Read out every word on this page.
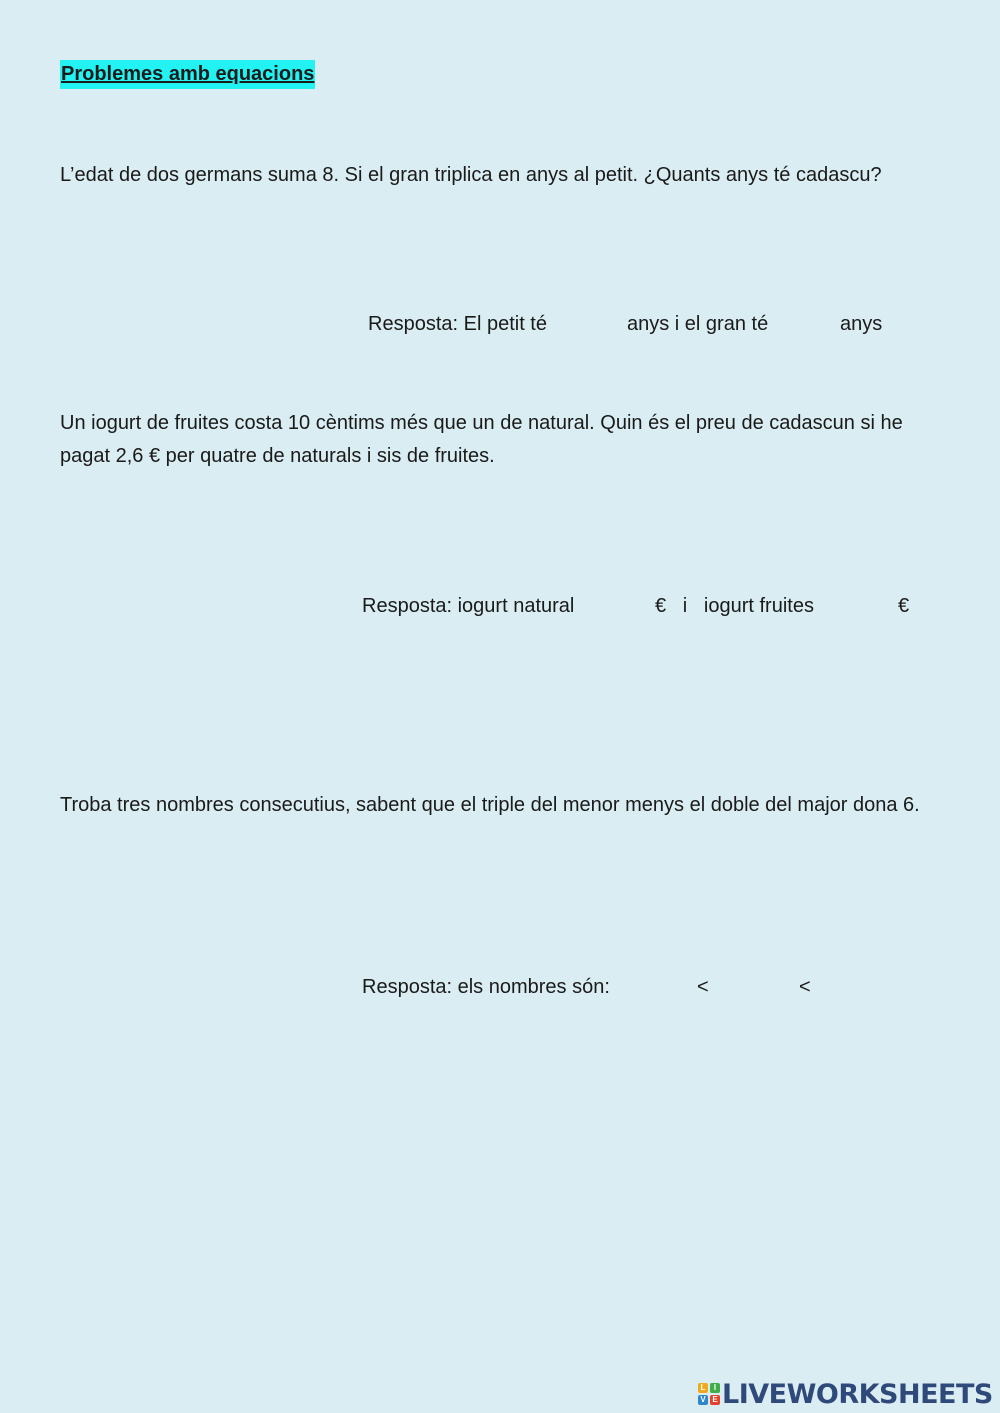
Problemes amb equacions
L’edat de dos germans suma 8. Si el gran triplica en anys al petit. ¿Quants anys té cadascu?
Resposta: El petit té	anys i el gran té	anys
Un iogurt de fruites costa 10 cèntims més que un de natural. Quin és el preu de cadascun si he pagat 2,6 € per quatre de naturals i sis de fruites.
Resposta: iogurt natural	€   i   iogurt fruites	€
Troba tres nombres consecutius, sabent que el triple del menor menys el doble del major dona 6.
Resposta: els nombres són:	<	<
L	I
V E LIVEWORKSHEETS
